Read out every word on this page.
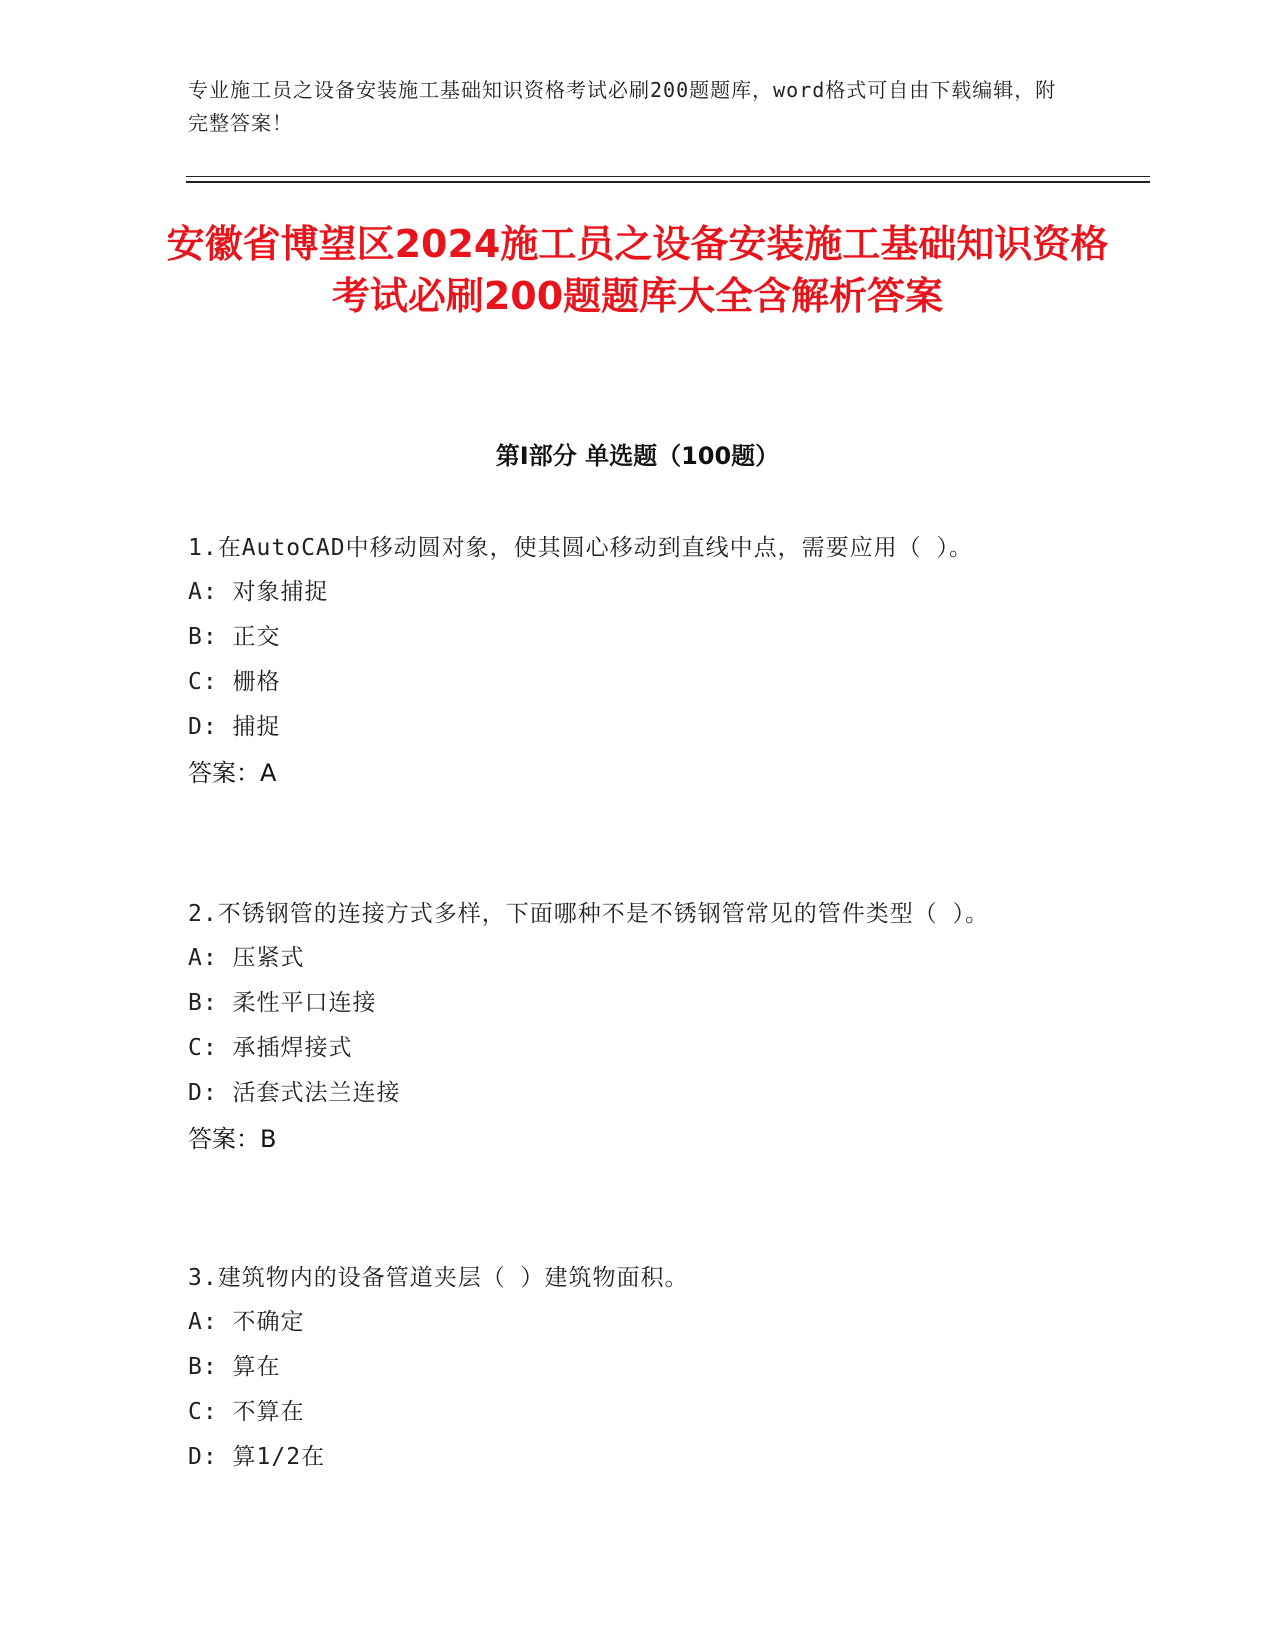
专业施工员之设备安装施工基础知识资格考试必刷200题题库，word格式可自由下载编辑，附完整答案！
安徽省博望区2024施工员之设备安装施工基础知识资格考试必刷200题题库大全含解析答案
第I部分 单选题（100题）
1.在AutoCAD中移动圆对象，使其圆心移动到直线中点，需要应用（ ）。
A: 对象捕捉
B: 正交
C: 栅格
D: 捕捉
答案：A
2.不锈钢管的连接方式多样，下面哪种不是不锈钢管常见的管件类型（ ）。
A: 压紧式
B: 柔性平口连接
C: 承插焊接式
D: 活套式法兰连接
答案：B
3.建筑物内的设备管道夹层（ ）建筑物面积。
A: 不确定
B: 算在
C: 不算在
D: 算1/2在
